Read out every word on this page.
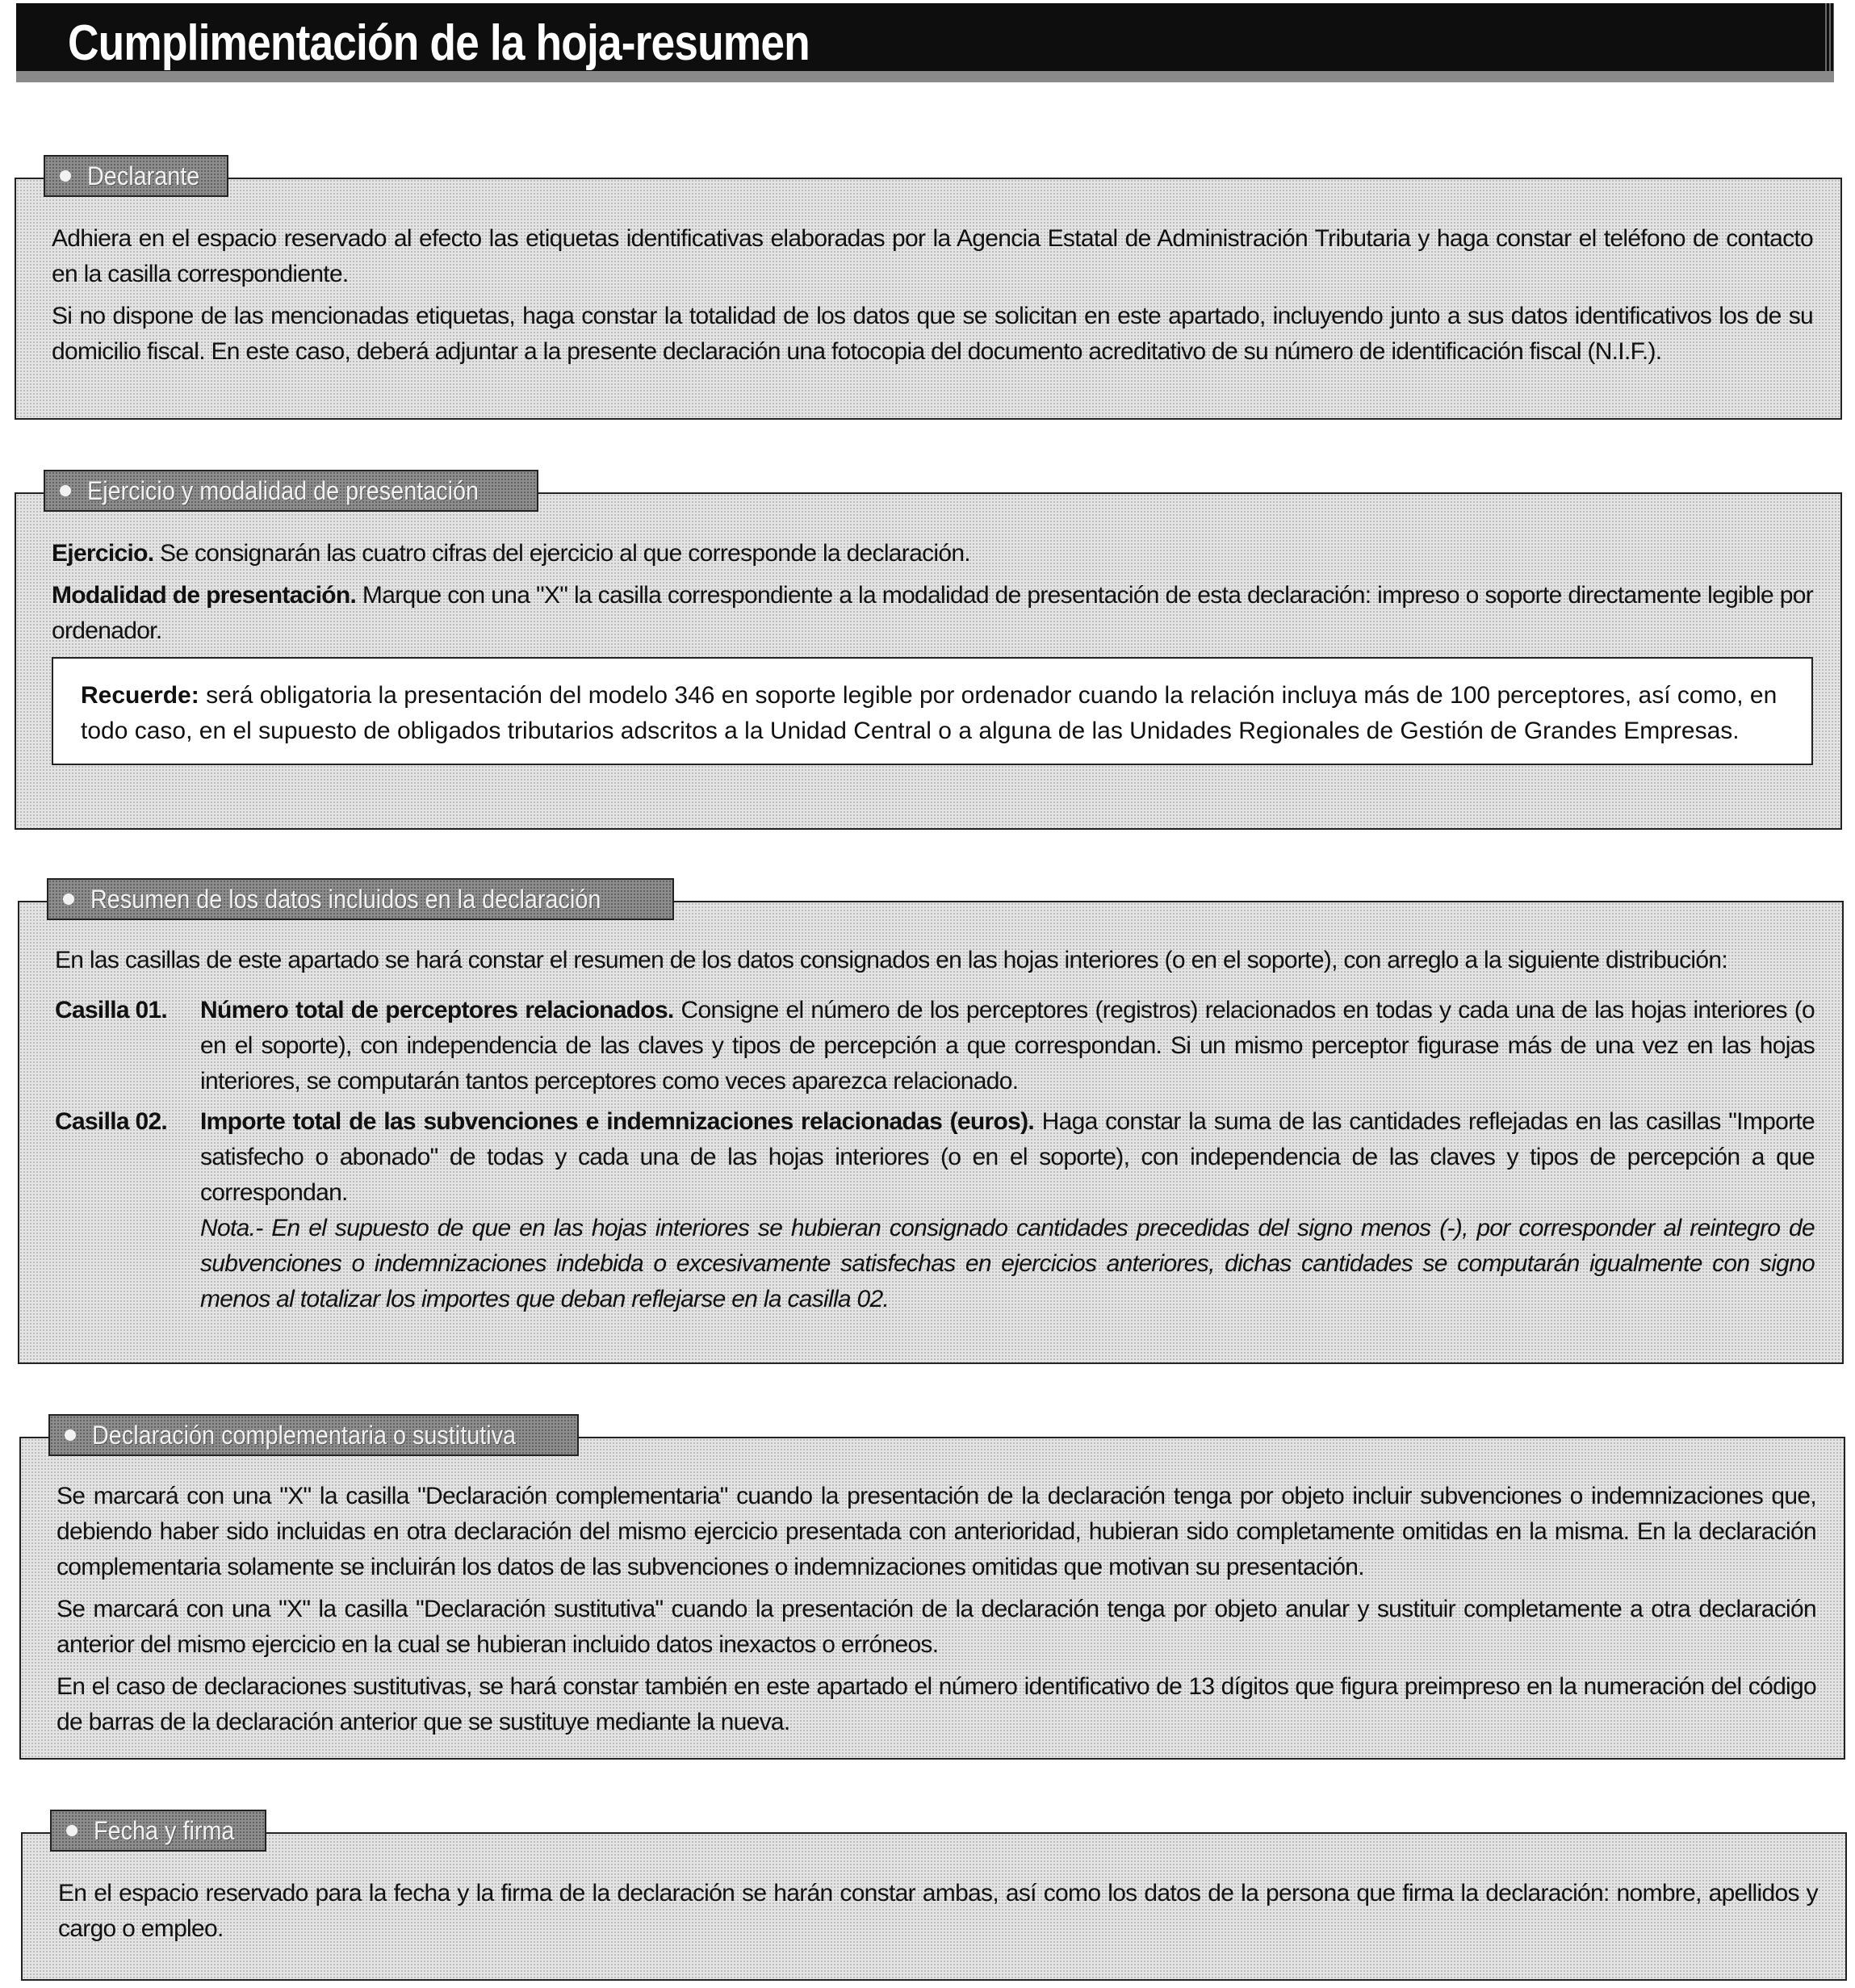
Cumplimentación de la hoja-resumen
Declarante

Adhiera en el espacio reservado al efecto las etiquetas identificativas elaboradas por la Agencia Estatal de Administración Tributaria y haga constar el teléfono de contacto en la casilla correspondiente.

Si no dispone de las mencionadas etiquetas, haga constar la totalidad de los datos que se solicitan en este apartado, incluyendo junto a sus datos identificativos los de su domicilio fiscal. En este caso, deberá adjuntar a la presente declaración una fotocopia del documento acreditativo de su número de identificación fiscal (N.I.F.).

Ejercicio y modalidad de presentación

Ejercicio. Se consignarán las cuatro cifras del ejercicio al que corresponde la declaración.

Modalidad de presentación. Marque con una "X" la casilla correspondiente a la modalidad de presentación de esta declaración: impreso o soporte directamente legible por ordenador.

Recuerde: será obligatoria la presentación del modelo 346 en soporte legible por ordenador cuando la relación incluya más de 100 perceptores, así como, en todo caso, en el supuesto de obligados tributarios adscritos a la Unidad Central o a alguna de las Unidades Regionales de Gestión de Grandes Empresas.
Resumen de los datos incluidos en la declaración

En las casillas de este apartado se hará constar el resumen de los datos consignados en las hojas interiores (o en el soporte), con arreglo a la siguiente distribución:

Casilla 01.	Número total de perceptores relacionados. Consigne el número de los perceptores (registros) relacionados en todas y cada una de las hojas interiores (o en el soporte), con independencia de las claves y tipos de percepción a que correspondan. Si un mismo perceptor figurase más de una vez en las hojas interiores, se computarán tantos perceptores como veces aparezca relacionado.

Casilla 02.	Importe total de las subvenciones e indemnizaciones relacionadas (euros). Haga constar la suma de las cantidades reflejadas en las casillas "Importe satisfecho o abonado" de todas y cada una de las hojas interiores (o en el soporte), con independencia de las claves y tipos de percepción a que correspondan.

Nota.- En el supuesto de que en las hojas interiores se hubieran consignado cantidades precedidas del signo menos (-), por corresponder al reintegro de subvenciones o indemnizaciones indebida o excesivamente satisfechas en ejercicios anteriores, dichas cantidades se computarán igualmente con signo menos al totalizar los importes que deban reflejarse en la casilla 02.

Declaración complementaria o sustitutiva

Se marcará con una "X" la casilla "Declaración complementaria" cuando la presentación de la declaración tenga por objeto incluir subvenciones o indemnizaciones que, debiendo haber sido incluidas en otra declaración del mismo ejercicio presentada con anterioridad, hubieran sido completamente omitidas en la misma. En la declaración complementaria solamente se incluirán los datos de las subvenciones o indemnizaciones omitidas que motivan su presentación.

Se marcará con una "X" la casilla "Declaración sustitutiva" cuando la presentación de la declaración tenga por objeto anular y sustituir completamente a otra declaración anterior del mismo ejercicio en la cual se hubieran incluido datos inexactos o erróneos.

En el caso de declaraciones sustitutivas, se hará constar también en este apartado el número identificativo de 13 dígitos que figura preimpreso en la numeración del código de barras de la declaración anterior que se sustituye mediante la nueva.

Fecha y firma

En el espacio reservado para la fecha y la firma de la declaración se harán constar ambas, así como los datos de la persona que firma la declaración: nombre, apellidos y cargo o empleo.
